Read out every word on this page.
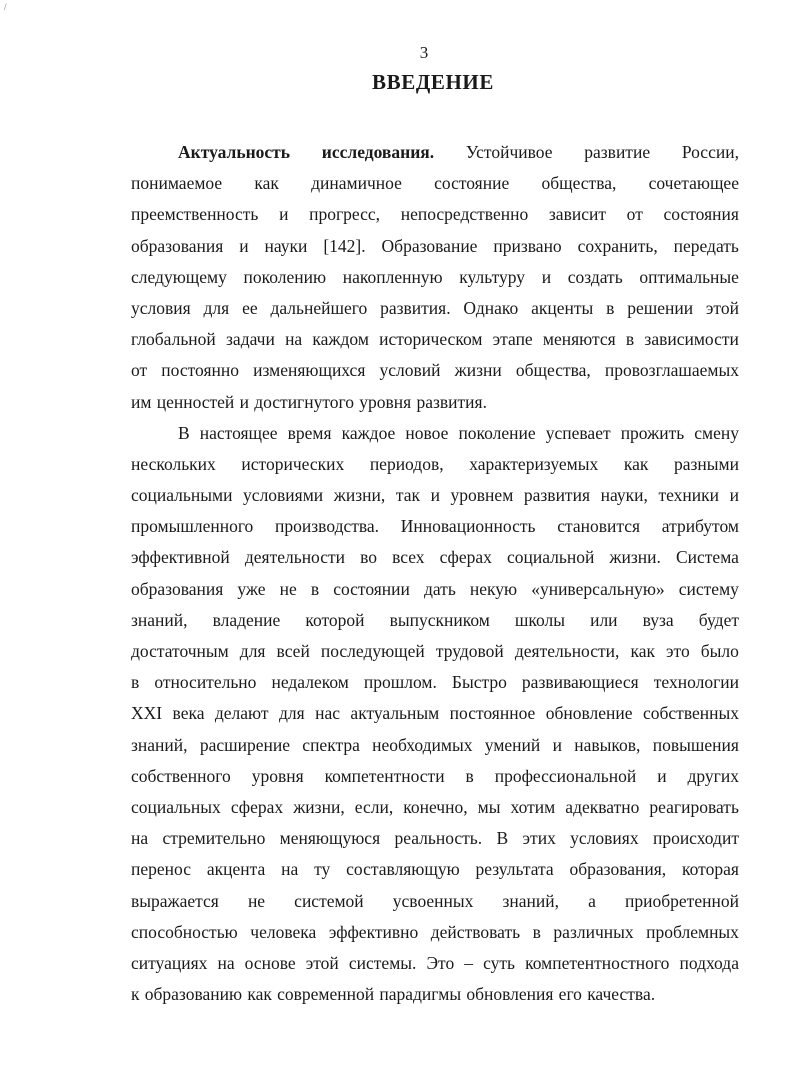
/
3
ВВЕДЕНИЕ
Актуальность исследования. Устойчивое развитие России,
понимаемое как динамичное состояние общества, сочетающее
преемственность и прогресс, непосредственно зависит от состояния
образования и науки [142]. Образование призвано сохранить, передать
следующему поколению накопленную культуру и создать оптимальные
условия для ее дальнейшего развития. Однако акценты в решении этой
глобальной задачи на каждом историческом этапе меняются в зависимости
от постоянно изменяющихся условий жизни общества, провозглашаемых
им ценностей и достигнутого уровня развития.
В настоящее время каждое новое поколение успевает прожить смену
нескольких исторических периодов, характеризуемых как разными
социальными условиями жизни, так и уровнем развития науки, техники и
промышленного производства. Инновационность становится атрибутом
эффективной деятельности во всех сферах социальной жизни. Система
образования уже не в состоянии дать некую «универсальную» систему
знаний, владение которой выпускником школы или вуза будет
достаточным для всей последующей трудовой деятельности, как это было
в относительно недалеком прошлом. Быстро развивающиеся технологии
XXI века делают для нас актуальным постоянное обновление собственных
знаний, расширение спектра необходимых умений и навыков, повышения
собственного уровня компетентности в профессиональной и других
социальных сферах жизни, если, конечно, мы хотим адекватно реагировать
на стремительно меняющуюся реальность. В этих условиях происходит
перенос акцента на ту составляющую результата образования, которая
выражается не системой усвоенных знаний, а приобретенной
способностью человека эффективно действовать в различных проблемных
ситуациях на основе этой системы. Это – суть компетентностного подхода
к образованию как современной парадигмы обновления его качества.
